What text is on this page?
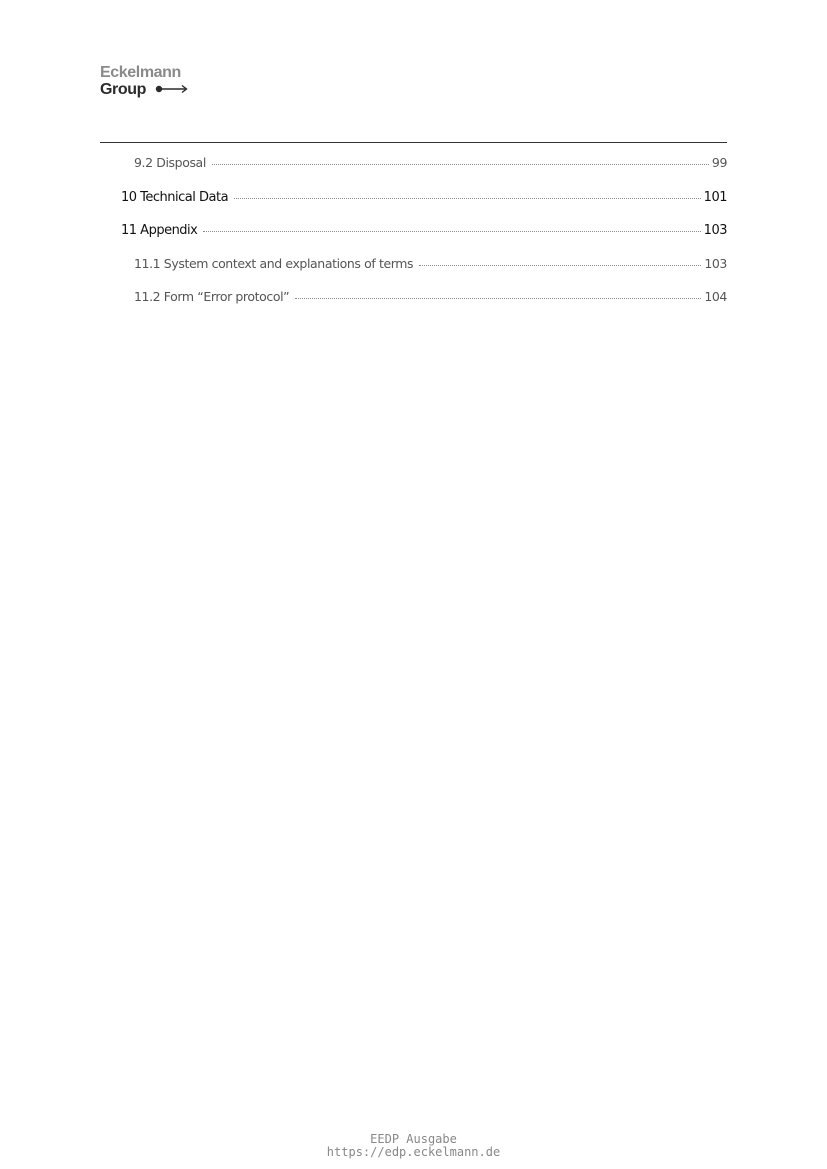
Eckelmann
Group
9.2 Disposal	99
10 Technical Data	101
11 Appendix	103
11.1 System context and explanations of terms	103
11.2 Form “Error protocol”	104
EEDP Ausgabe
https://edp.eckelmann.de
